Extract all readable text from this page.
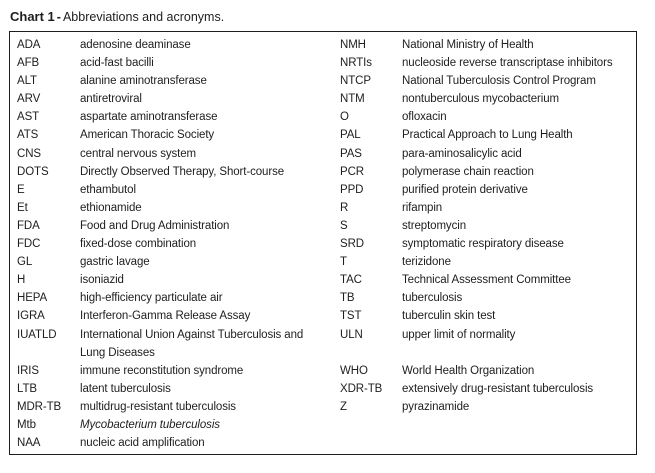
Chart 1 - Abbreviations and acronyms.
ADA	adenosine deaminase	NMH	National Ministry of Health
AFB	acid-fast bacilli	NRTIs	nucleoside reverse transcriptase inhibitors
ALT	alanine aminotransferase	NTCP	National Tuberculosis Control Program
ARV	antiretroviral	NTM	nontuberculous mycobacterium
AST	aspartate aminotransferase	O	ofloxacin
ATS	American Thoracic Society	PAL	Practical Approach to Lung Health
CNS	central nervous system	PAS	para-aminosalicylic acid
DOTS	Directly Observed Therapy, Short-course	PCR	polymerase chain reaction
E	ethambutol	PPD	purified protein derivative
Et	ethionamide	R	rifampin
FDA	Food and Drug Administration	S	streptomycin
FDC	fixed-dose combination	SRD	symptomatic respiratory disease
GL	gastric lavage	T	terizidone
H	isoniazid	TAC	Technical Assessment Committee
HEPA	high-efficiency particulate air	TB	tuberculosis
IGRA	Interferon-Gamma Release Assay	TST	tuberculin skin test
IUATLD	International Union Against Tuberculosis and	ULN	upper limit of normality
Lung Diseases
IRIS	immune reconstitution syndrome	WHO	World Health Organization
LTB	latent tuberculosis	XDR-TB	extensively drug-resistant tuberculosis
MDR-TB	multidrug-resistant tuberculosis	Z	pyrazinamide
Mtb	Mycobacterium tuberculosis
NAA	nucleic acid amplification
